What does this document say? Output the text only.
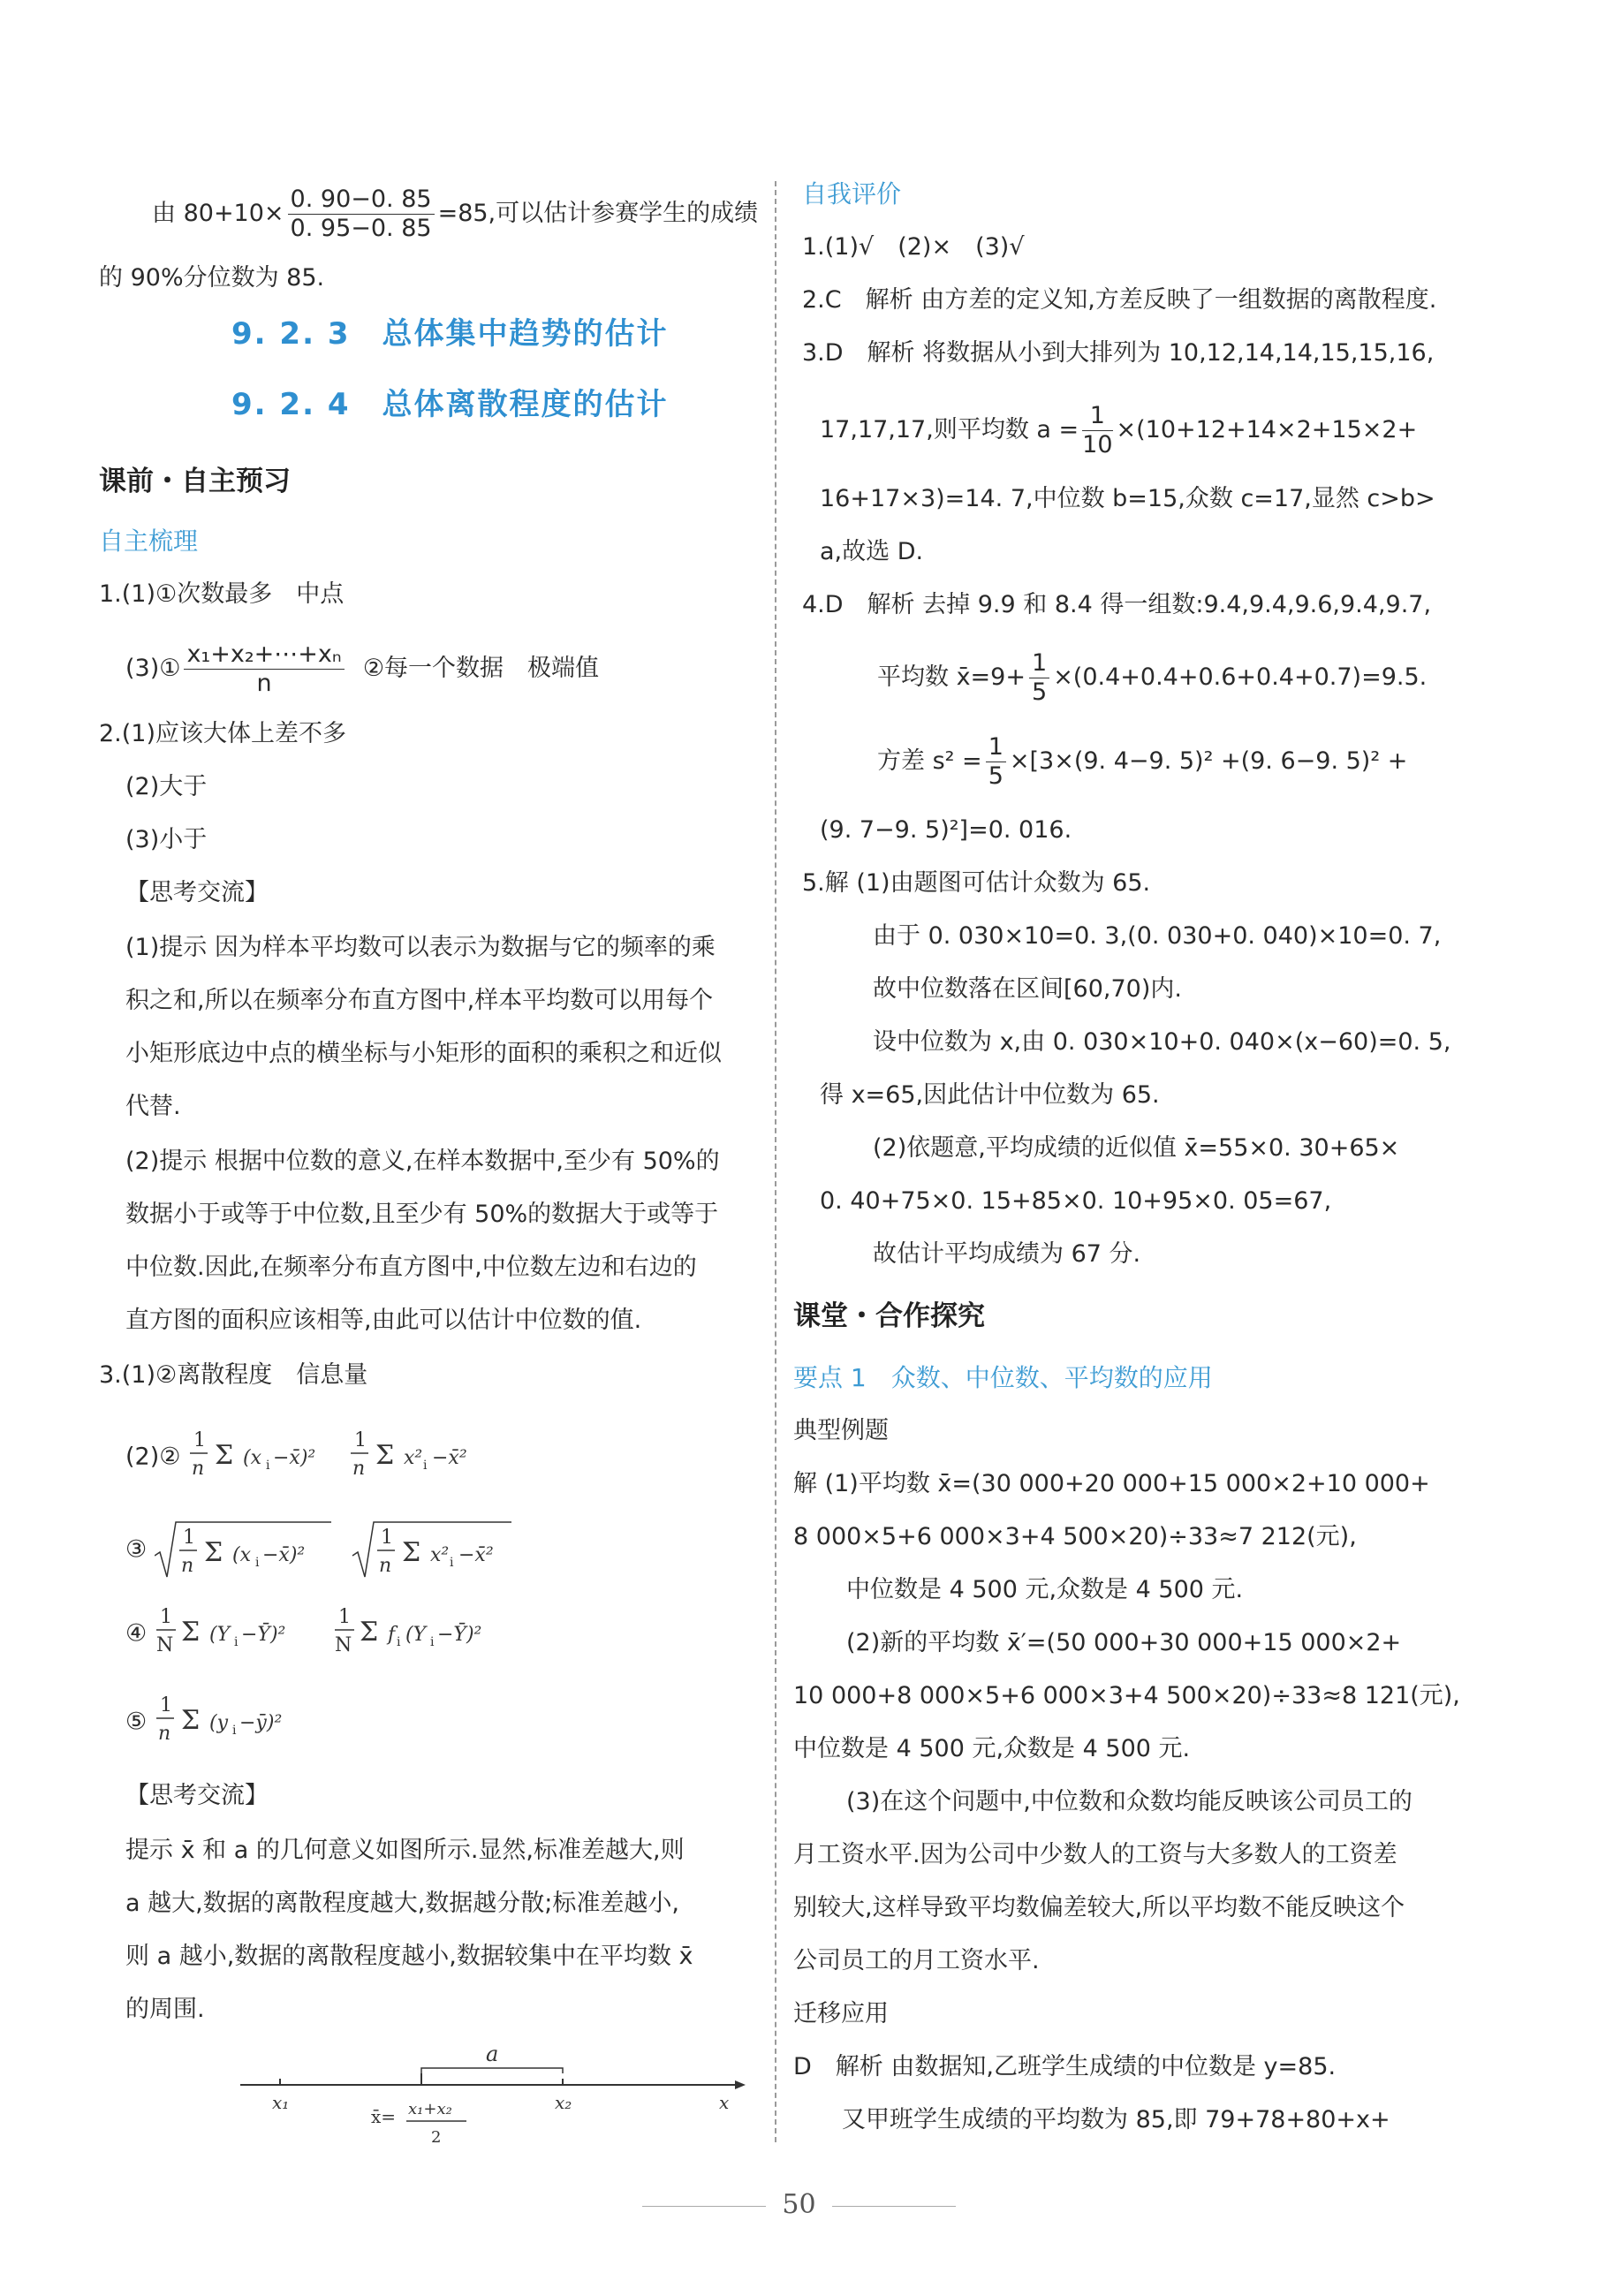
由 $80+10\times \frac{0. 90-0. 85}{0. 95-0. 85} =85$,可以估计参赛学生的成绩
的 90%分位数为 85.
9. 2. 3　总体集中趋势的估计
9. 2. 4　总体离散程度的估计
课前・自主预习
自主梳理
1.(1)①次数最多　中点
(3)① $\frac{\text{x₁+x₂+⋯+xₙ}}{n}$ ②每一个数据　极端值
2.(1)应该大体上差不多
(2)大于
(3)小于
【思考交流】
(1)提示 因为样本平均数可以表示为数据与它的频率的乘
积之和,所以在频率分布直方图中,样本平均数可以用每个
小矩形底边中点的横坐标与小矩形的面积的乘积之和近似
代替.
(2)提示 根据中位数的意义,在样本数据中,至少有 50%的
数据小于或等于中位数,且至少有 50%的数据大于或等于
中位数.因此,在频率分布直方图中,中位数左边和右边的
直方图的面积应该相等,由此可以估计中位数的值.
3.(1)②离散程度　信息量
(2)②
1
n Σ (x i −x̄)²
1
n Σ x² i −x̄²
③ 1
n Σ (x i −x̄)²
1
n Σ x² i −x̄²
④
1
N Σ (Y i −Ȳ)²
1
N Σ f i (Y i −Ȳ)²
⑤
1
n Σ (y i −ȳ)²
【思考交流】
提示 x̄ 和 a 的几何意义如图所示.显然,标准差越大,则
a 越大,数据的离散程度越大,数据越分散;标准差越小,
则 a 越小,数据的离散程度越小,数据较集中在平均数 x̄
的周围.
a
x₁	x₂	x
x̄= x₁+x₂
2
自我评价
1.(1)√　(2)×　(3)√
2.C　解析 由方差的定义知,方差反映了一组数据的离散程度.
3.D　解析 将数据从小到大排列为 10,12,14,14,15,15,16,
17,17,17,则平均数 $a = \frac{1}{10} \times(10+12+14\times 2+15\times 2+$
16+17×3)=14. 7,中位数 b=15,众数 c=17,显然 c>b>
a,故选 D.
4.D　解析 去掉 9.9 和 8.4 得一组数:9.4,9.4,9.6,9.4,9.7,
平均数 x̄=9+ $\frac{1}{5} \times(0.4+0.4+0.6+0.4+0.7)=9.5$.
方差 $s^2 = \frac{1}{5} \times[3\times(9$. 4−9. 5)² +(9. 6−9. 5)² +
(9. 7−9. 5)²]=0. 016.
5.解 (1)由题图可估计众数为 65.
由于 0. 030×10=0. 3,(0. 030+0. 040)×10=0. 7,
故中位数落在区间[60,70)内.
设中位数为 x,由 0. 030×10+0. 040×(x−60)=0. 5,
得 x=65,因此估计中位数为 65.
(2)依题意,平均成绩的近似值 x̄=55×0. 30+65×
0. 40+75×0. 15+85×0. 10+95×0. 05=67,
故估计平均成绩为 67 分.
课堂・合作探究
要点 1　众数、中位数、平均数的应用
典型例题
解 (1)平均数 x̄=(30 000+20 000+15 000×2+10 000+
8 000×5+6 000×3+4 500×20)÷33≈7 212(元),
中位数是 4 500 元,众数是 4 500 元.
(2)新的平均数 x̄′=(50 000+30 000+15 000×2+
10 000+8 000×5+6 000×3+4 500×20)÷33≈8 121(元),
中位数是 4 500 元,众数是 4 500 元.
(3)在这个问题中,中位数和众数均能反映该公司员工的
月工资水平.因为公司中少数人的工资与大多数人的工资差
别较大,这样导致平均数偏差较大,所以平均数不能反映这个
公司员工的月工资水平.
迁移应用
D　解析 由数据知,乙班学生成绩的中位数是 y=85.
又甲班学生成绩的平均数为 85,即 79+78+80+x+
50
